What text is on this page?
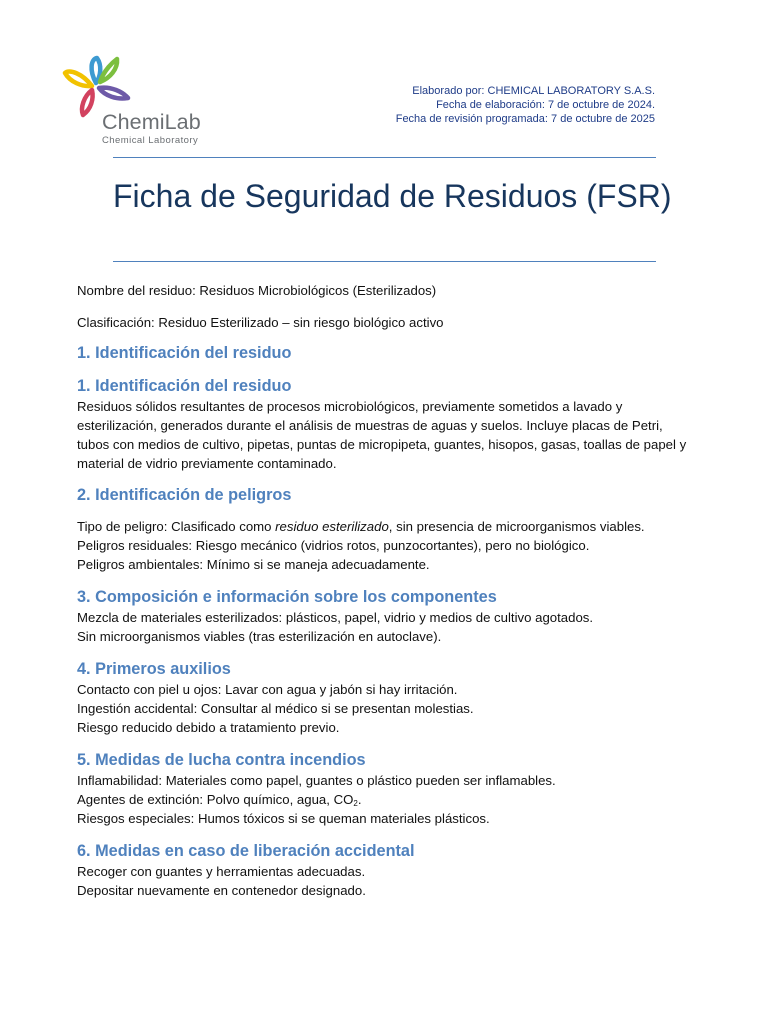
ChemiLab
Chemical Laboratory
Elaborado por: CHEMICAL LABORATORY S.A.S.
Fecha de elaboración: 7 de octubre de 2024.
Fecha de revisión programada: 7 de octubre de 2025
Ficha de Seguridad de Residuos (FSR)

Nombre del residuo: Residuos Microbiológicos (Esterilizados)

Clasificación: Residuo Esterilizado – sin riesgo biológico activo

1. Identificación del residuo
1. Identificación del residuo

Residuos sólidos resultantes de procesos microbiológicos, previamente sometidos a lavado y esterilización, generados durante el análisis de muestras de aguas y suelos. Incluye placas de Petri, tubos con medios de cultivo, pipetas, puntas de micropipeta, guantes, hisopos, gasas, toallas de papel y material de vidrio previamente contaminado.

2. Identificación de peligros

Tipo de peligro: Clasificado como residuo esterilizado, sin presencia de microorganismos viables.

Peligros residuales: Riesgo mecánico (vidrios rotos, punzocortantes), pero no biológico.

Peligros ambientales: Mínimo si se maneja adecuadamente.

3. Composición e información sobre los componentes

Mezcla de materiales esterilizados: plásticos, papel, vidrio y medios de cultivo agotados.

Sin microorganismos viables (tras esterilización en autoclave).

4. Primeros auxilios

Contacto con piel u ojos: Lavar con agua y jabón si hay irritación.

Ingestión accidental: Consultar al médico si se presentan molestias.

Riesgo reducido debido a tratamiento previo.

5. Medidas de lucha contra incendios

Inflamabilidad: Materiales como papel, guantes o plástico pueden ser inflamables.

Agentes de extinción: Polvo químico, agua, $CO_2$.

Riesgos especiales: Humos tóxicos si se queman materiales plásticos.

6. Medidas en caso de liberación accidental

Recoger con guantes y herramientas adecuadas.

Depositar nuevamente en contenedor designado.
